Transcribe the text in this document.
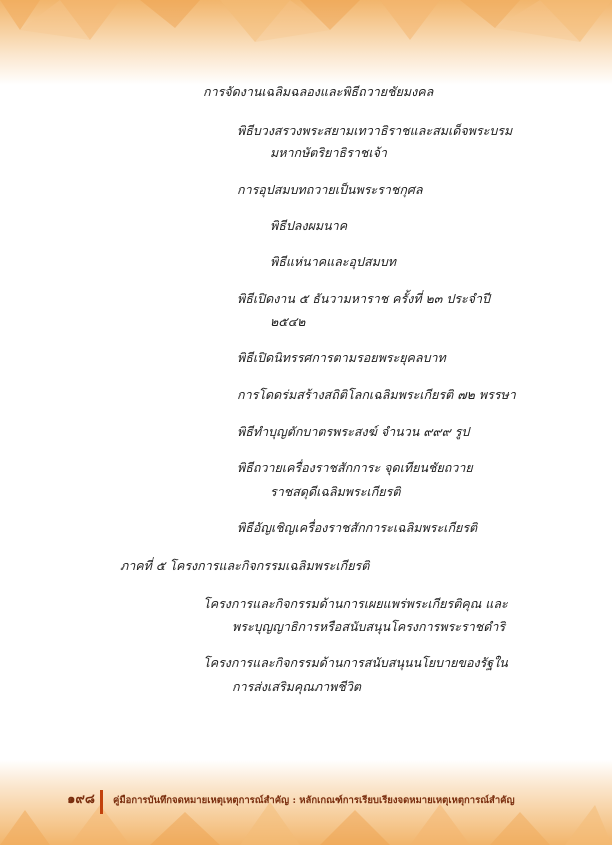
การจัดงานเฉลิมฉลองและพิธีถวายชัยมงคล
พิธีบวงสรวงพระสยามเทวาธิราชและสมเด็จพระบรม
มหากษัตริยาธิราชเจ้า
การอุปสมบทถวายเป็นพระราชกุศล
พิธีปลงผมนาค
พิธีแห่นาคและอุปสมบท
พิธีเปิดงาน ๕ ธันวามหาราช ครั้งที่ ๒๓ ประจำปี
๒๕๔๒
พิธีเปิดนิทรรศการตามรอยพระยุคลบาท
การโดดร่มสร้างสถิติโลกเฉลิมพระเกียรติ ๗๒ พรรษา
พิธีทำบุญตักบาตรพระสงฆ์ จำนวน ๙๙๙ รูป
พิธีถวายเครื่องราชสักการะ จุดเทียนชัยถวาย
ราชสดุดีเฉลิมพระเกียรติ
พิธีอัญเชิญเครื่องราชสักการะเฉลิมพระเกียรติ
ภาคที่ ๕ โครงการและกิจกรรมเฉลิมพระเกียรติ
โครงการและกิจกรรมด้านการเผยแพร่พระเกียรติคุณ และ
พระบุญญาธิการหรือสนับสนุนโครงการพระราชดำริ
โครงการและกิจกรรมด้านการสนับสนุนนโยบายของรัฐใน
การส่งเสริมคุณภาพชีวิต
๑๙๘	คู่มือการบันทึกจดหมายเหตุเหตุการณ์สำคัญ : หลักเกณฑ์การเรียบเรียงจดหมายเหตุเหตุการณ์สำคัญ
